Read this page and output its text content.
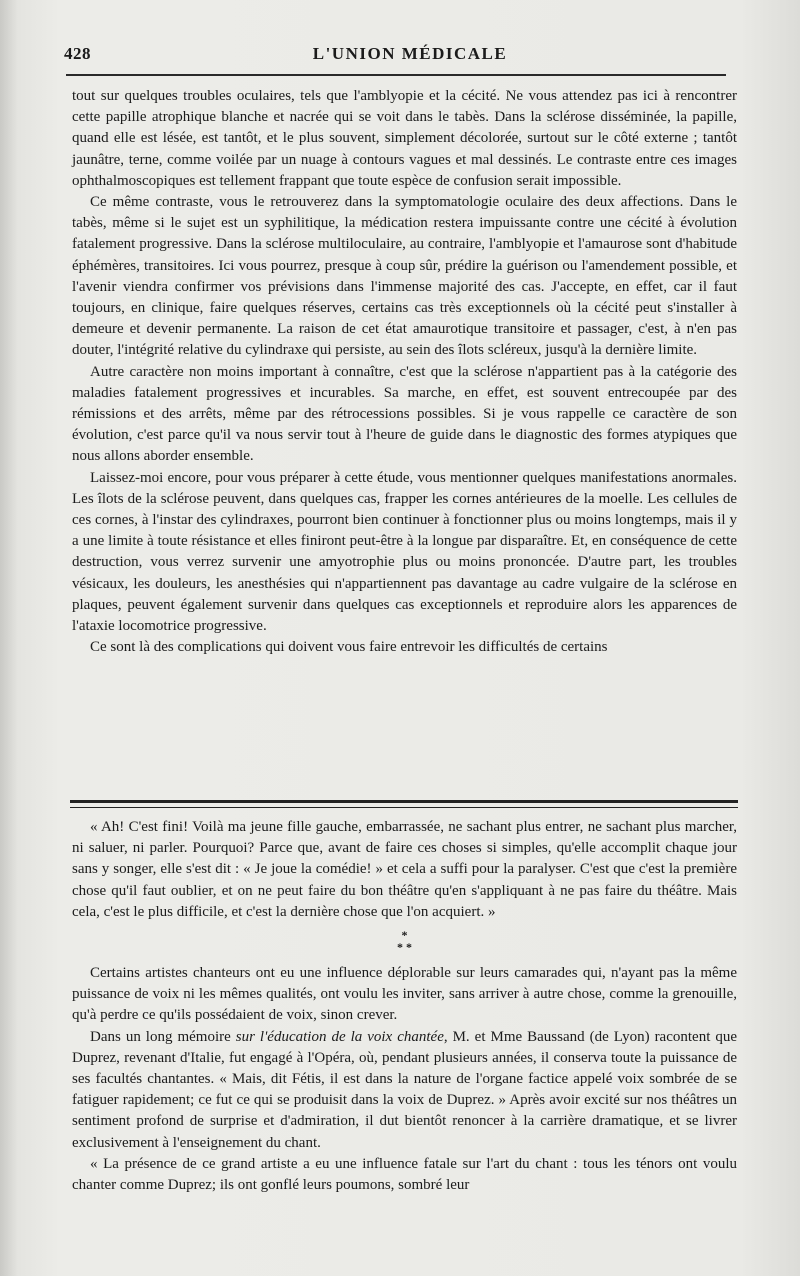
428	L'UNION MÉDICALE

tout sur quelques troubles oculaires, tels que l'amblyopie et la cécité. Ne vous attendez pas ici à rencontrer cette papille atrophique blanche et nacrée qui se voit dans le tabès. Dans la sclérose disséminée, la papille, quand elle est lésée, est tantôt, et le plus souvent, simplement décolorée, surtout sur le côté externe ; tantôt jaunâtre, terne, comme voilée par un nuage à contours vagues et mal dessinés. Le contraste entre ces images ophthalmoscopiques est tellement frappant que toute espèce de confusion serait impossible.

Ce même contraste, vous le retrouverez dans la symptomatologie oculaire des deux affections. Dans le tabès, même si le sujet est un syphilitique, la médication restera impuissante contre une cécité à évolution fatalement progressive. Dans la sclérose multiloculaire, au contraire, l'amblyopie et l'amaurose sont d'habitude éphémères, transitoires. Ici vous pourrez, presque à coup sûr, prédire la guérison ou l'amendement possible, et l'avenir viendra confirmer vos prévisions dans l'immense majorité des cas. J'accepte, en effet, car il faut toujours, en clinique, faire quelques réserves, certains cas très exceptionnels où la cécité peut s'installer à demeure et devenir permanente. La raison de cet état amaurotique transitoire et passager, c'est, à n'en pas douter, l'intégrité relative du cylindraxe qui persiste, au sein des îlots scléreux, jusqu'à la dernière limite.

Autre caractère non moins important à connaître, c'est que la sclérose n'appartient pas à la catégorie des maladies fatalement progressives et incurables. Sa marche, en effet, est souvent entrecoupée par des rémissions et des arrêts, même par des rétrocessions possibles. Si je vous rappelle ce caractère de son évolution, c'est parce qu'il va nous servir tout à l'heure de guide dans le diagnostic des formes atypiques que nous allons aborder ensemble.

Laissez-moi encore, pour vous préparer à cette étude, vous mentionner quelques manifestations anormales. Les îlots de la sclérose peuvent, dans quelques cas, frapper les cornes antérieures de la moelle. Les cellules de ces cornes, à l'instar des cylindraxes, pourront bien continuer à fonctionner plus ou moins longtemps, mais il y a une limite à toute résistance et elles finiront peut-être à la longue par disparaître. Et, en conséquence de cette destruction, vous verrez survenir une amyotrophie plus ou moins prononcée. D'autre part, les troubles vésicaux, les douleurs, les anesthésies qui n'appartiennent pas davantage au cadre vulgaire de la sclérose en plaques, peuvent également survenir dans quelques cas exceptionnels et reproduire alors les apparences de l'ataxie locomotrice progressive.

Ce sont là des complications qui doivent vous faire entrevoir les difficultés de certains

« Ah! C'est fini! Voilà ma jeune fille gauche, embarrassée, ne sachant plus entrer, ne sachant plus marcher, ni saluer, ni parler. Pourquoi? Parce que, avant de faire ces choses si simples, qu'elle accomplit chaque jour sans y songer, elle s'est dit : « Je joue la comédie! » et cela a suffi pour la paralyser. C'est que c'est la première chose qu'il faut oublier, et on ne peut faire du bon théâtre qu'en s'appliquant à ne pas faire du théâtre. Mais cela, c'est le plus difficile, et c'est la dernière chose que l'on acquiert. »

*
* *

Certains artistes chanteurs ont eu une influence déplorable sur leurs camarades qui, n'ayant pas la même puissance de voix ni les mêmes qualités, ont voulu les inviter, sans arriver à autre chose, comme la grenouille, qu'à perdre ce qu'ils possédaient de voix, sinon crever.

Dans un long mémoire sur l'éducation de la voix chantée, M. et Mme Baussand (de Lyon) racontent que Duprez, revenant d'Italie, fut engagé à l'Opéra, où, pendant plusieurs années, il conserva toute la puissance de ses facultés chantantes. « Mais, dit Fétis, il est dans la nature de l'organe factice appelé voix sombrée de se fatiguer rapidement; ce fut ce qui se produisit dans la voix de Duprez. » Après avoir excité sur nos théâtres un sentiment profond de surprise et d'admiration, il dut bientôt renoncer à la carrière dramatique, et se livrer exclusivement à l'enseignement du chant.

« La présence de ce grand artiste a eu une influence fatale sur l'art du chant : tous les ténors ont voulu chanter comme Duprez; ils ont gonflé leurs poumons, sombré leur
